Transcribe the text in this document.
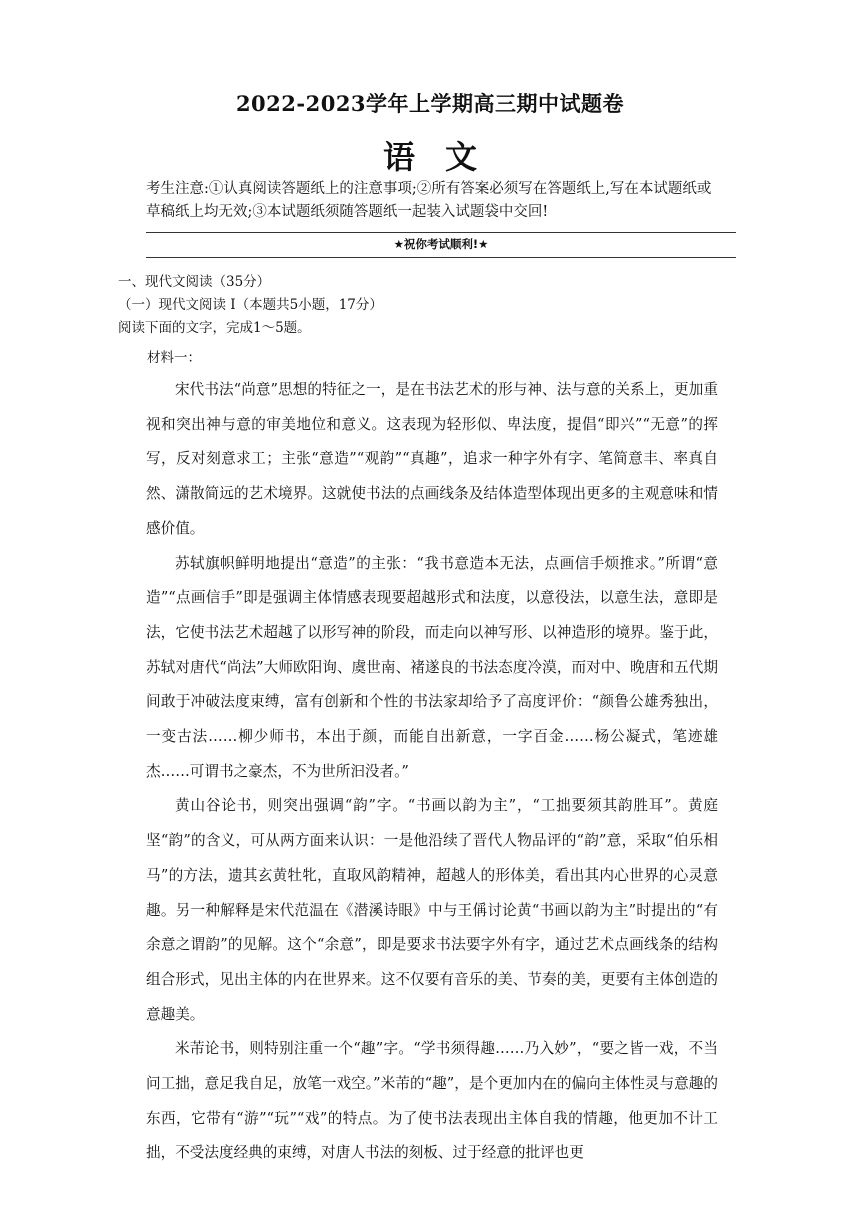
2022-2023学年上学期高三期中试题卷
语文
考生注意:①认真阅读答题纸上的注意事项;②所有答案必须写在答题纸上,写在本试题纸或草稿纸上均无效;③本试题纸须随答题纸一起装入试题袋中交回!
★祝你考试顺利!★
一、现代文阅读（35分）
（一）现代文阅读 I（本题共5小题，17分）
阅读下面的文字，完成1～5题。
材料一：

宋代书法“尚意”思想的特征之一，是在书法艺术的形与神、法与意的关系上，更加重视和突出神与意的审美地位和意义。这表现为轻形似、卑法度，提倡“即兴”“无意”的挥写，反对刻意求工；主张“意造”“观韵”“真趣”，追求一种字外有字、笔简意丰、率真自然、潇散简远的艺术境界。这就使书法的点画线条及结体造型体现出更多的主观意味和情感价值。

苏轼旗帜鲜明地提出“意造”的主张：“我书意造本无法，点画信手烦推求。”所谓“意造”“点画信手”即是强调主体情感表现要超越形式和法度，以意役法，以意生法，意即是法，它使书法艺术超越了以形写神的阶段，而走向以神写形、以神造形的境界。鉴于此，苏轼对唐代“尚法”大师欧阳询、虞世南、褚遂良的书法态度冷漠，而对中、晚唐和五代期间敢于冲破法度束缚，富有创新和个性的书法家却给予了高度评价：“颜鲁公雄秀独出，一变古法……柳少师书，本出于颜，而能自出新意，一字百金……杨公凝式，笔迹雄杰……可谓书之豪杰，不为世所汩没者。”

黄山谷论书，则突出强调“韵”字。“书画以韵为主”，“工拙要须其韵胜耳”。黄庭坚“韵”的含义，可从两方面来认识：一是他沿续了晋代人物品评的“韵”意，采取“伯乐相马”的方法，遗其玄黄牡牝，直取风韵精神，超越人的形体美，看出其内心世界的心灵意趣。另一种解释是宋代范温在《潜溪诗眼》中与王偁讨论黄“书画以韵为主”时提出的“有余意之谓韵”的见解。这个“余意”，即是要求书法要字外有字，通过艺术点画线条的结构组合形式，见出主体的内在世界来。这不仅要有音乐的美、节奏的美，更要有主体创造的意趣美。

米芾论书，则特别注重一个“趣”字。“学书须得趣……乃入妙”，“要之皆一戏，不当问工拙，意足我自足，放笔一戏空。”米芾的“趣”，是个更加内在的偏向主体性灵与意趣的东西，它带有“游”“玩”“戏”的特点。为了使书法表现出主体自我的情趣，他更加不计工拙，不受法度经典的束缚，对唐人书法的刻板、过于经意的批评也更
